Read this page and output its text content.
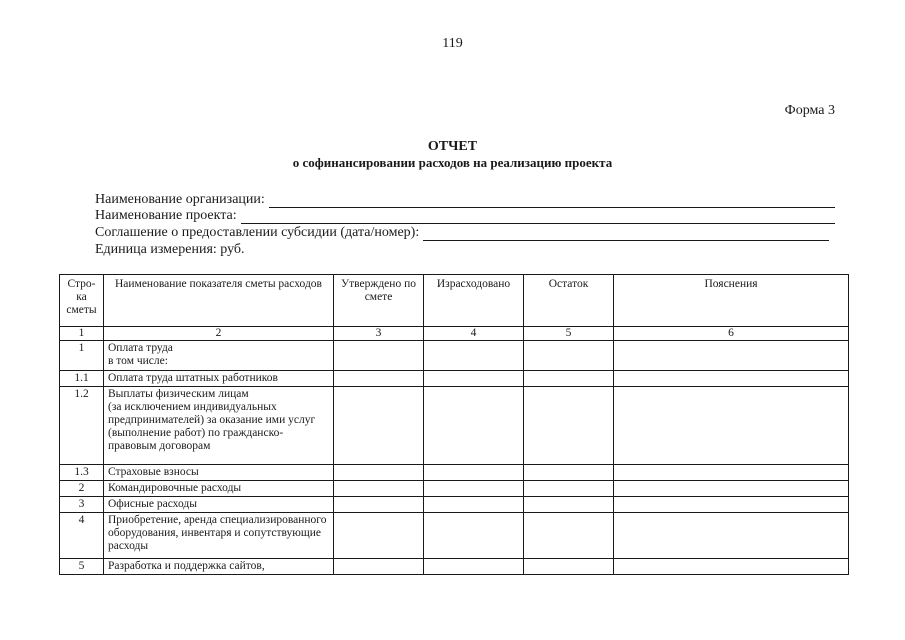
119
Форма 3
ОТЧЕТ
о софинансировании расходов на реализацию проекта
Наименование организации:
Наименование проекта:
Соглашение о предоставлении субсидии (дата/номер):
Единица измерения: руб.
Стро-ка сметы	Наименование показателя сметы расходов	Утверждено по смете	Израсходовано	Остаток	Пояснения
1	2	3	4	5	6
1	Оплата труда
в том числе:				
1.1	Оплата труда штатных работников				
1.2	Выплаты физическим лицам
(за исключением индивидуальных предпринимателей) за оказание ими услуг (выполнение работ) по гражданско-правовым договорам				
1.3	Страховые взносы				
2	Командировочные расходы				
3	Офисные расходы				
4	Приобретение, аренда специализированного оборудования, инвентаря и сопутствующие расходы				
5	Разработка и поддержка сайтов,				
